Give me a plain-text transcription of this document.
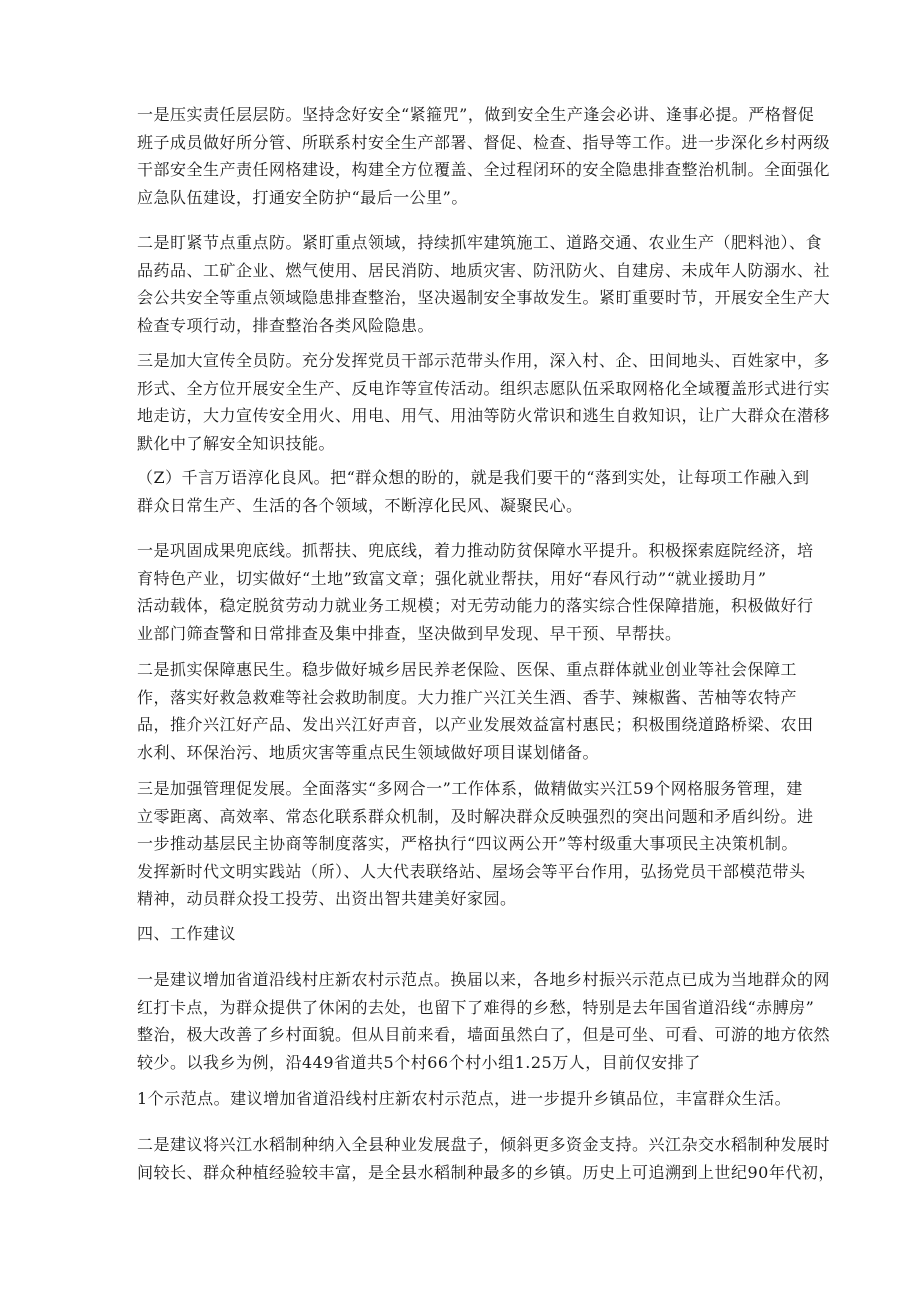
一是压实责任层层防。坚持念好安全“紧箍咒”，做到安全生产逢会必讲、逢事必提。严格督促
班子成员做好所分管、所联系村安全生产部署、督促、检查、指导等工作。进一步深化乡村两级
干部安全生产责任网格建设，构建全方位覆盖、全过程闭环的安全隐患排查整治机制。全面强化
应急队伍建设，打通安全防护“最后一公里”。

二是盯紧节点重点防。紧盯重点领域，持续抓牢建筑施工、道路交通、农业生产（肥料池）、食
品药品、工矿企业、燃气使用、居民消防、地质灾害、防汛防火、自建房、未成年人防溺水、社
会公共安全等重点领域隐患排查整治，坚决遏制安全事故发生。紧盯重要时节，开展安全生产大
检查专项行动，排查整治各类风险隐患。

三是加大宣传全员防。充分发挥党员干部示范带头作用，深入村、企、田间地头、百姓家中，多
形式、全方位开展安全生产、反电诈等宣传活动。组织志愿队伍采取网格化全域覆盖形式进行实
地走访，大力宣传安全用火、用电、用气、用油等防火常识和逃生自救知识，让广大群众在潜移
默化中了解安全知识技能。

（Z）千言万语淳化良风。把“群众想的盼的，就是我们要干的“落到实处，让每项工作融入到
群众日常生产、生活的各个领域，不断淳化民风、凝聚民心。

一是巩固成果兜底线。抓帮扶、兜底线，着力推动防贫保障水平提升。积极探索庭院经济，培
育特色产业，切实做好“土地”致富文章；强化就业帮扶，用好“春风行动”“就业援助月”
活动载体，稳定脱贫劳动力就业务工规模；对无劳动能力的落实综合性保障措施，积极做好行
业部门筛查警和日常排查及集中排查，坚决做到早发现、早干预、早帮扶。

二是抓实保障惠民生。稳步做好城乡居民养老保险、医保、重点群体就业创业等社会保障工
作，落实好救急救难等社会救助制度。大力推广兴江关生酒、香芋、辣椒酱、苦柚等农特产
品，推介兴江好产品、发出兴江好声音，以产业发展效益富村惠民；积极围绕道路桥梁、农田
水利、环保治污、地质灾害等重点民生领域做好项目谋划储备。

三是加强管理促发展。全面落实“多网合一”工作体系，做精做实兴江59个网格服务管理，建
立零距离、高效率、常态化联系群众机制，及时解决群众反映强烈的突出问题和矛盾纠纷。进
一步推动基层民主协商等制度落实，严格执行“四议两公开”等村级重大事项民主决策机制。
发挥新时代文明实践站（所）、人大代表联络站、屋场会等平台作用，弘扬党员干部模范带头
精神，动员群众投工投劳、出资出智共建美好家园。

四、工作建议

一是建议增加省道沿线村庄新农村示范点。换届以来，各地乡村振兴示范点已成为当地群众的网
红打卡点，为群众提供了休闲的去处，也留下了难得的乡愁，特别是去年国省道沿线“赤膊房”
整治，极大改善了乡村面貌。但从目前来看，墙面虽然白了，但是可坐、可看、可游的地方依然
较少。以我乡为例，沿449省道共5个村66个村小组1.25万人，目前仅安排了

1个示范点。建议增加省道沿线村庄新农村示范点，进一步提升乡镇品位，丰富群众生活。

二是建议将兴江水稻制种纳入全县种业发展盘子，倾斜更多资金支持。兴江杂交水稻制种发展时
间较长、群众种植经验较丰富，是全县水稻制种最多的乡镇。历史上可追溯到上世纪90年代初，
